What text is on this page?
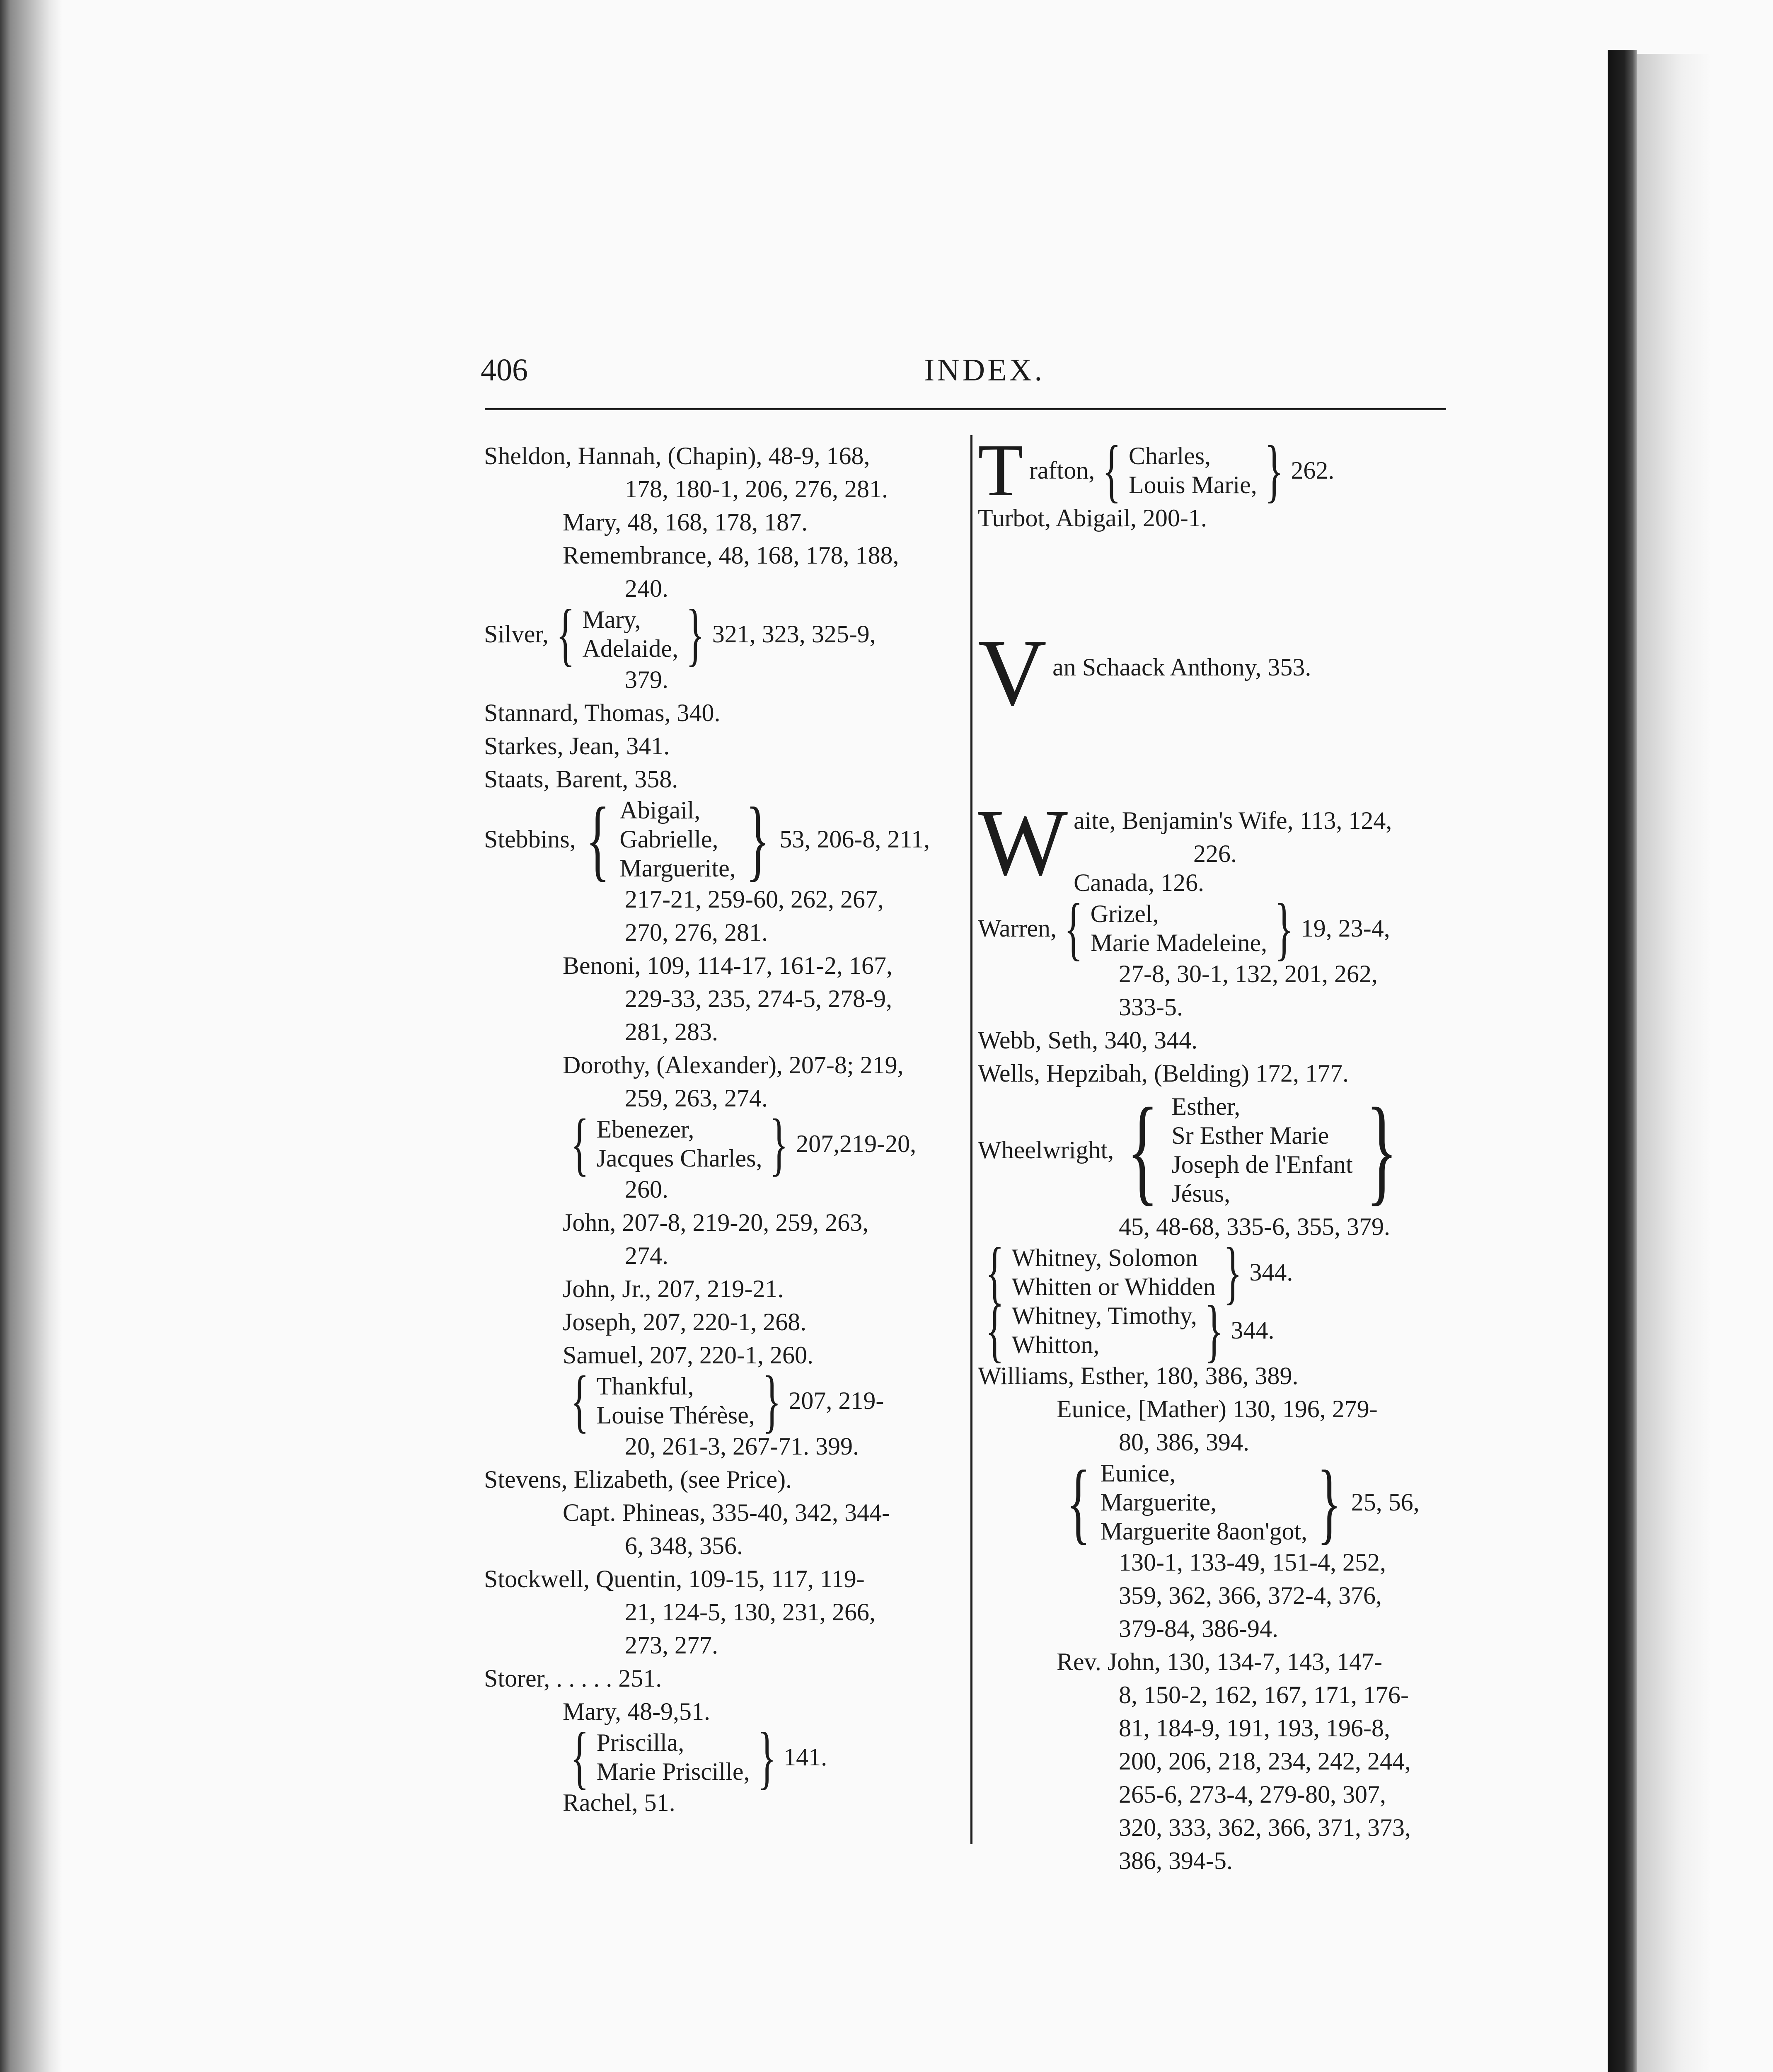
406	INDEX.
Sheldon, Hannah, (Chapin), 48-9, 168,
178, 180-1, 206, 276, 281.
Mary, 48, 168, 178, 187.
Remembrance, 48, 168, 178, 188,
240.
Silver, { Mary,
Adelaide, } 321, 323, 325-9,
379.
Stannard, Thomas, 340.
Starkes, Jean, 341.
Staats, Barent, 358.
Stebbins, { Abigail,
Gabrielle,
Marguerite, } 53, 206-8, 211,
217-21, 259-60, 262, 267,
270, 276, 281.
Benoni, 109, 114-17, 161-2, 167,
229-33, 235, 274-5, 278-9,
281, 283.
Dorothy, (Alexander), 207-8; 219,
259, 263, 274.
{ Ebenezer,
Jacques Charles, } 207,219-20,
260.
John, 207-8, 219-20, 259, 263,
274.
John, Jr., 207, 219-21.
Joseph, 207, 220-1, 268.
Samuel, 207, 220-1, 260.
{ Thankful,
Louise Thérèse, } 207, 219-
20, 261-3, 267-71. 399.
Stevens, Elizabeth, (see Price).
Capt. Phineas, 335-40, 342, 344-
6, 348, 356.
Stockwell, Quentin, 109-15, 117, 119-
21, 124-5, 130, 231, 266,
273, 277.
Storer, . . . . . 251.
Mary, 48-9,51.
{ Priscilla,
Marie Priscille, } 141.
Rachel, 51.
T rafton, { Charles,
Louis Marie, } 262.
Turbot, Abigail, 200-1.
V an Schaack Anthony, 353.
W aite, Benjamin's Wife, 113, 124,
226.
Canada, 126.
Warren, { Grizel,
Marie Madeleine, } 19, 23-4,
27-8, 30-1, 132, 201, 262,
333-5.
Webb, Seth, 340, 344.
Wells, Hepzibah, (Belding) 172, 177.
Wheelwright, { Esther,
Sr Esther Marie
Joseph de l'Enfant
Jésus,	}
45, 48-68, 335-6, 355, 379.
{ Whitney, Solomon
Whitten or Whidden } 344.
{ Whitney, Timothy,
Whitton,	} 344.
Williams, Esther, 180, 386, 389.
Eunice, [Mather) 130, 196, 279-
80, 386, 394.
{ Eunice,
Marguerite,
Marguerite 8aon'got, } 25, 56,
130-1, 133-49, 151-4, 252,
359, 362, 366, 372-4, 376,
379-84, 386-94.
Rev. John, 130, 134-7, 143, 147-
8, 150-2, 162, 167, 171, 176-
81, 184-9, 191, 193, 196-8,
200, 206, 218, 234, 242, 244,
265-6, 273-4, 279-80, 307,
320, 333, 362, 366, 371, 373,
386, 394-5.
